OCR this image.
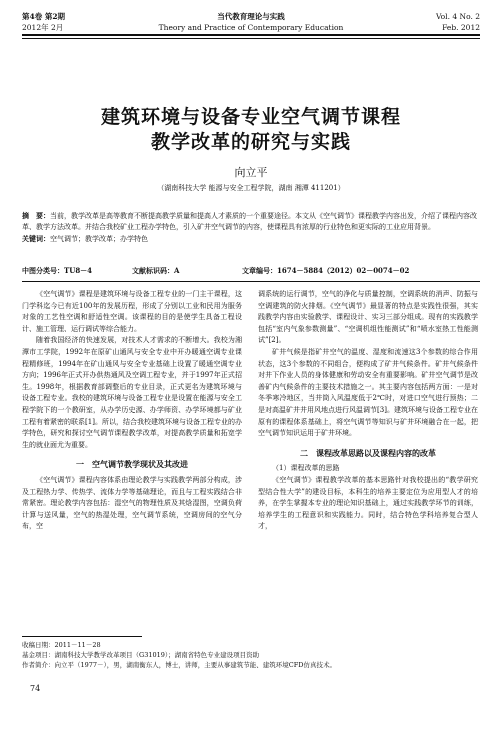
第4卷 第2期	当代教育理论与实践	Vol. 4 No. 2
2012年 2月	Theory and Practice of Contemporary Education	Feb. 2012
建筑环境与设备专业空气调节课程
教学改革的研究与实践
向立平
（湖南科技大学 能源与安全工程学院，湖南 湘潭 411201）
摘　要：当前，教学改革是高等教育不断提高教学质量和提高人才素质的一个重要途径。本文从《空气调节》课程教学内容出发，介绍了课程内容改革、教学方法改革。并结合我校矿业工程办学特色，引入矿井空气调节的内容，使课程具有浓厚的行业特色和更实际的工业应用背景。
关键词：空气调节；教学改革；办学特色
中图分类号：TU8－4	文献标识码：A	文章编号：1674－5884（2012）02－0074－02

《空气调节》课程是建筑环境与设备工程专业的一门主干课程，这门学科迄今已有近100年的发展历程，形成了分别以工业和民用为服务对象的工艺性空调和舒适性空调。该课程的目的是使学生具备工程设计、施工管理、运行调试等综合能力。

随着我国经济的快速发展，对技术人才需求的不断增大。我校为湘潭市工学院，1992年在原矿山通风与安全专业中开办暖通空调专业课程精修班，1994年在矿山通风与安全专业基础上设置了暖通空调专业方向；1996年正式开办供热通风及空调工程专业，并于1997年正式招生。1998年，根据教育部调整后的专业目录，正式更名为建筑环境与设备工程专业。我校的建筑环境与设备工程专业是设置在能源与安全工程学院下的一个教研室，从办学历史源、办学师资、办学环境都与矿业工程有着紧密的联系[1]。所以，结合我校建筑环境与设备工程专业的办学特色，研究和探讨空气调节课程教学改革，对提高教学质量和拓宽学生的就业面尤为重要。

一　空气调节教学现状及其改进

《空气调节》课程内容体系由理论教学与实践教学两部分构成，涉及工程热力学、传热学、流体力学等基础理论，而且与工程实践结合非常紧密。理论教学内容包括：湿空气的物理性质及其焓湿图，空调负荷计算与送风量，空气的热湿处理，空气调节系统，空调房间的空气分布，空

调系统的运行调节，空气的净化与质量控制，空调系统的消声、防振与空调建筑的防火排烟。《空气调节》最显著的特点是实践性很强，其实践教学内容由实验教学、课程设计、实习三部分组成。现有的实践教学包括“室内气象参数测量”、“空调机组性能测试”和“喷水室热工性能测试”[2]。

矿井气候是指矿井空气的温度、湿度和流速这3个参数的综合作用状态，这3个参数的不同组合，便构成了矿井气候条件。矿井气候条件对井下作业人员的身体健康和劳动安全有重要影响。矿井空气调节是改善矿内气候条件的主要技术措施之一。其主要内容包括两方面：一是对冬季寒冷地区，当井筒入风温度低于2℃时，对进口空气进行预热；二是对高温矿井井用风地点进行风温调节[3]。建筑环境与设备工程专业在原有的课程体系基础上，将空气调节等知识与矿井环境融合在一起，把空气调节知识运用于矿井环境。

二　课程改革思路以及课程内容的改革

（1）课程改革的思路

《空气调节》课程教学改革的基本思路针对我校提出的“教学研究型结合性大学”的建设目标，本科生的培养主要定位为应用型人才的培养，在学生掌握本专业的理论知识基础上，通过实践教学环节的训练，培养学生的工程意识和实践能力。同时，结合特色学科培养复合型人才，

收稿日期：2011－11－28
基金项目：湖南科技大学教学改革项目（G31019）；湖南省特色专业建设项目资助
作者简介：向立平（1977－），男，湖南衡东人，博士，讲师，主要从事建筑节能、建筑环境CFD仿真技术。
74
